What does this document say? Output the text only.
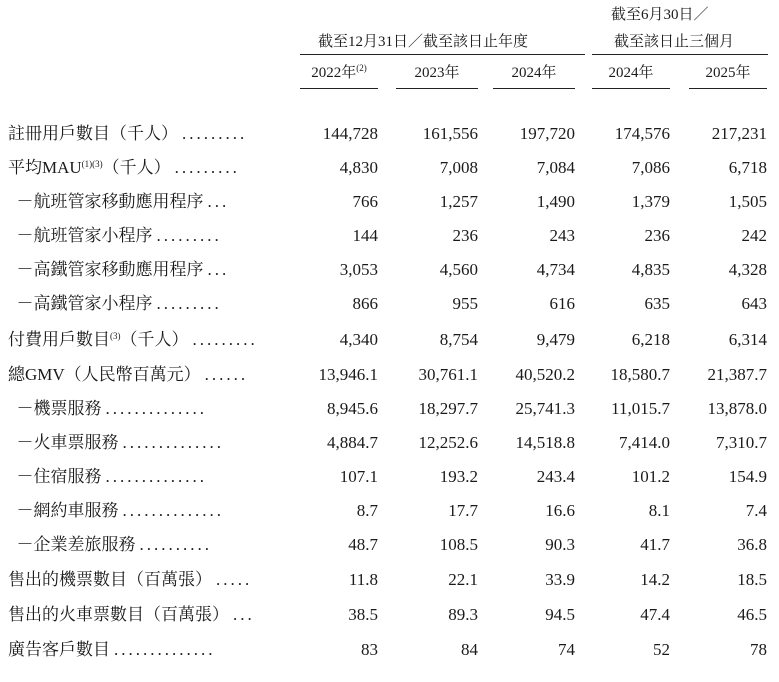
截至6月30日／
截至12月31日／截至該日止年度	截至該日止三個月
2022年$^{(2)}$	2023年	2024年	2024年	2025年
註冊用戶數目（千人） .........	144,728	161,556 197,720 174,576 217,231
平均$MAU^{(1)(3)}$（千人） .........	4,830	7,008	7,084	7,086	6,718
－航班管家移動應用程序 ...	766	1,257	1,490	1,379	1,505
－航班管家小程序 .........	144	236	243	236	242
－高鐵管家移動應用程序 ...	3,053	4,560	4,734	4,835	4,328
－高鐵管家小程序 .........	866	955	616	635	643
付費用戶數目$^{(3)}$（千人） .........	4,340	8,754	9,479	6,218	6,314
總GMV（人民幣百萬元） ......	13,946.1 30,761.1 40,520.2 18,580.7 21,387.7
－機票服務 ..............	8,945.6 18,297.7 25,741.3 11,015.7 13,878.0
－火車票服務 ..............	4,884.7 12,252.6 14,518.8	7,414.0	7,310.7
－住宿服務 ..............	107.1	193.2	243.4	101.2	154.9
－網約車服務 ..............	8.7	17.7	16.6	8.1	7.4
－企業差旅服務 ..........	48.7	108.5	90.3	41.7	36.8
售出的機票數目（百萬張） .....	11.8	22.1	33.9	14.2	18.5
售出的火車票數目（百萬張） ...	38.5	89.3	94.5	47.4	46.5
廣告客戶數目 ..............	83	84	74	52	78
